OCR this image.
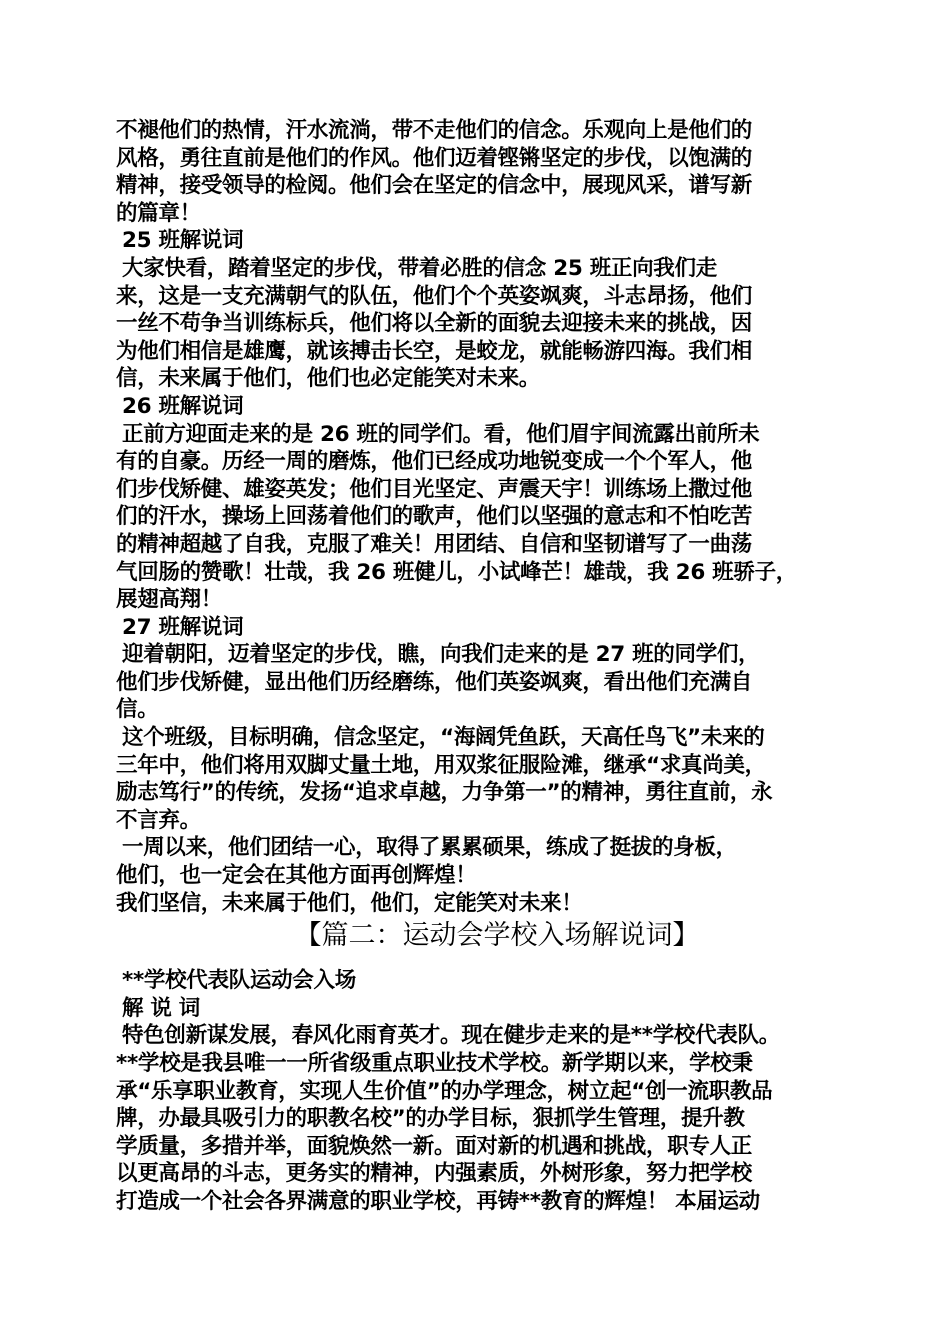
不褪他们的热情，汗水流淌，带不走他们的信念。乐观向上是他们的
风格，勇往直前是他们的作风。他们迈着铿锵坚定的步伐，以饱满的
精神，接受领导的检阅。他们会在坚定的信念中，展现风采，谱写新
的篇章！
25 班解说词
大家快看，踏着坚定的步伐，带着必胜的信念 25 班正向我们走
来，这是一支充满朝气的队伍，他们个个英姿飒爽，斗志昂扬，他们
一丝不苟争当训练标兵，他们将以全新的面貌去迎接未来的挑战，因
为他们相信是雄鹰，就该搏击长空，是蛟龙，就能畅游四海。我们相
信，未来属于他们，他们也必定能笑对未来。
26 班解说词
正前方迎面走来的是 26 班的同学们。看，他们眉宇间流露出前所未
有的自豪。历经一周的磨炼，他们已经成功地锐变成一个个军人，他
们步伐矫健、雄姿英发；他们目光坚定、声震天宇！训练场上撒过他
们的汗水，操场上回荡着他们的歌声，他们以坚强的意志和不怕吃苦
的精神超越了自我，克服了难关！用团结、自信和坚韧谱写了一曲荡
气回肠的赞歌！壮哉，我 26 班健儿，小试峰芒！雄哉，我 26 班骄子，
展翅高翔！
27 班解说词
迎着朝阳，迈着坚定的步伐，瞧，向我们走来的是 27 班的同学们，
他们步伐矫健，显出他们历经磨练，他们英姿飒爽，看出他们充满自
信。
这个班级，目标明确，信念坚定，“海阔凭鱼跃，天高任鸟飞”未来的
三年中，他们将用双脚丈量土地，用双浆征服险滩，继承“求真尚美，
励志笃行”的传统，发扬“追求卓越，力争第一”的精神，勇往直前，永
不言弃。
一周以来，他们团结一心，取得了累累硕果，练成了挺拔的身板，
他们，也一定会在其他方面再创辉煌！
我们坚信，未来属于他们，他们，定能笑对未来！
【篇二：运动会学校入场解说词】
**学校代表队运动会入场
解 说 词
特色创新谋发展，春风化雨育英才。现在健步走来的是**学校代表队。
**学校是我县唯一一所省级重点职业技术学校。新学期以来，学校秉
承“乐享职业教育，实现人生价值”的办学理念，树立起“创一流职教品
牌，办最具吸引力的职教名校”的办学目标，狠抓学生管理，提升教
学质量，多措并举，面貌焕然一新。面对新的机遇和挑战，职专人正
以更高昂的斗志，更务实的精神，内强素质，外树形象，努力把学校
打造成一个社会各界满意的职业学校，再铸**教育的辉煌！ 本届运动
